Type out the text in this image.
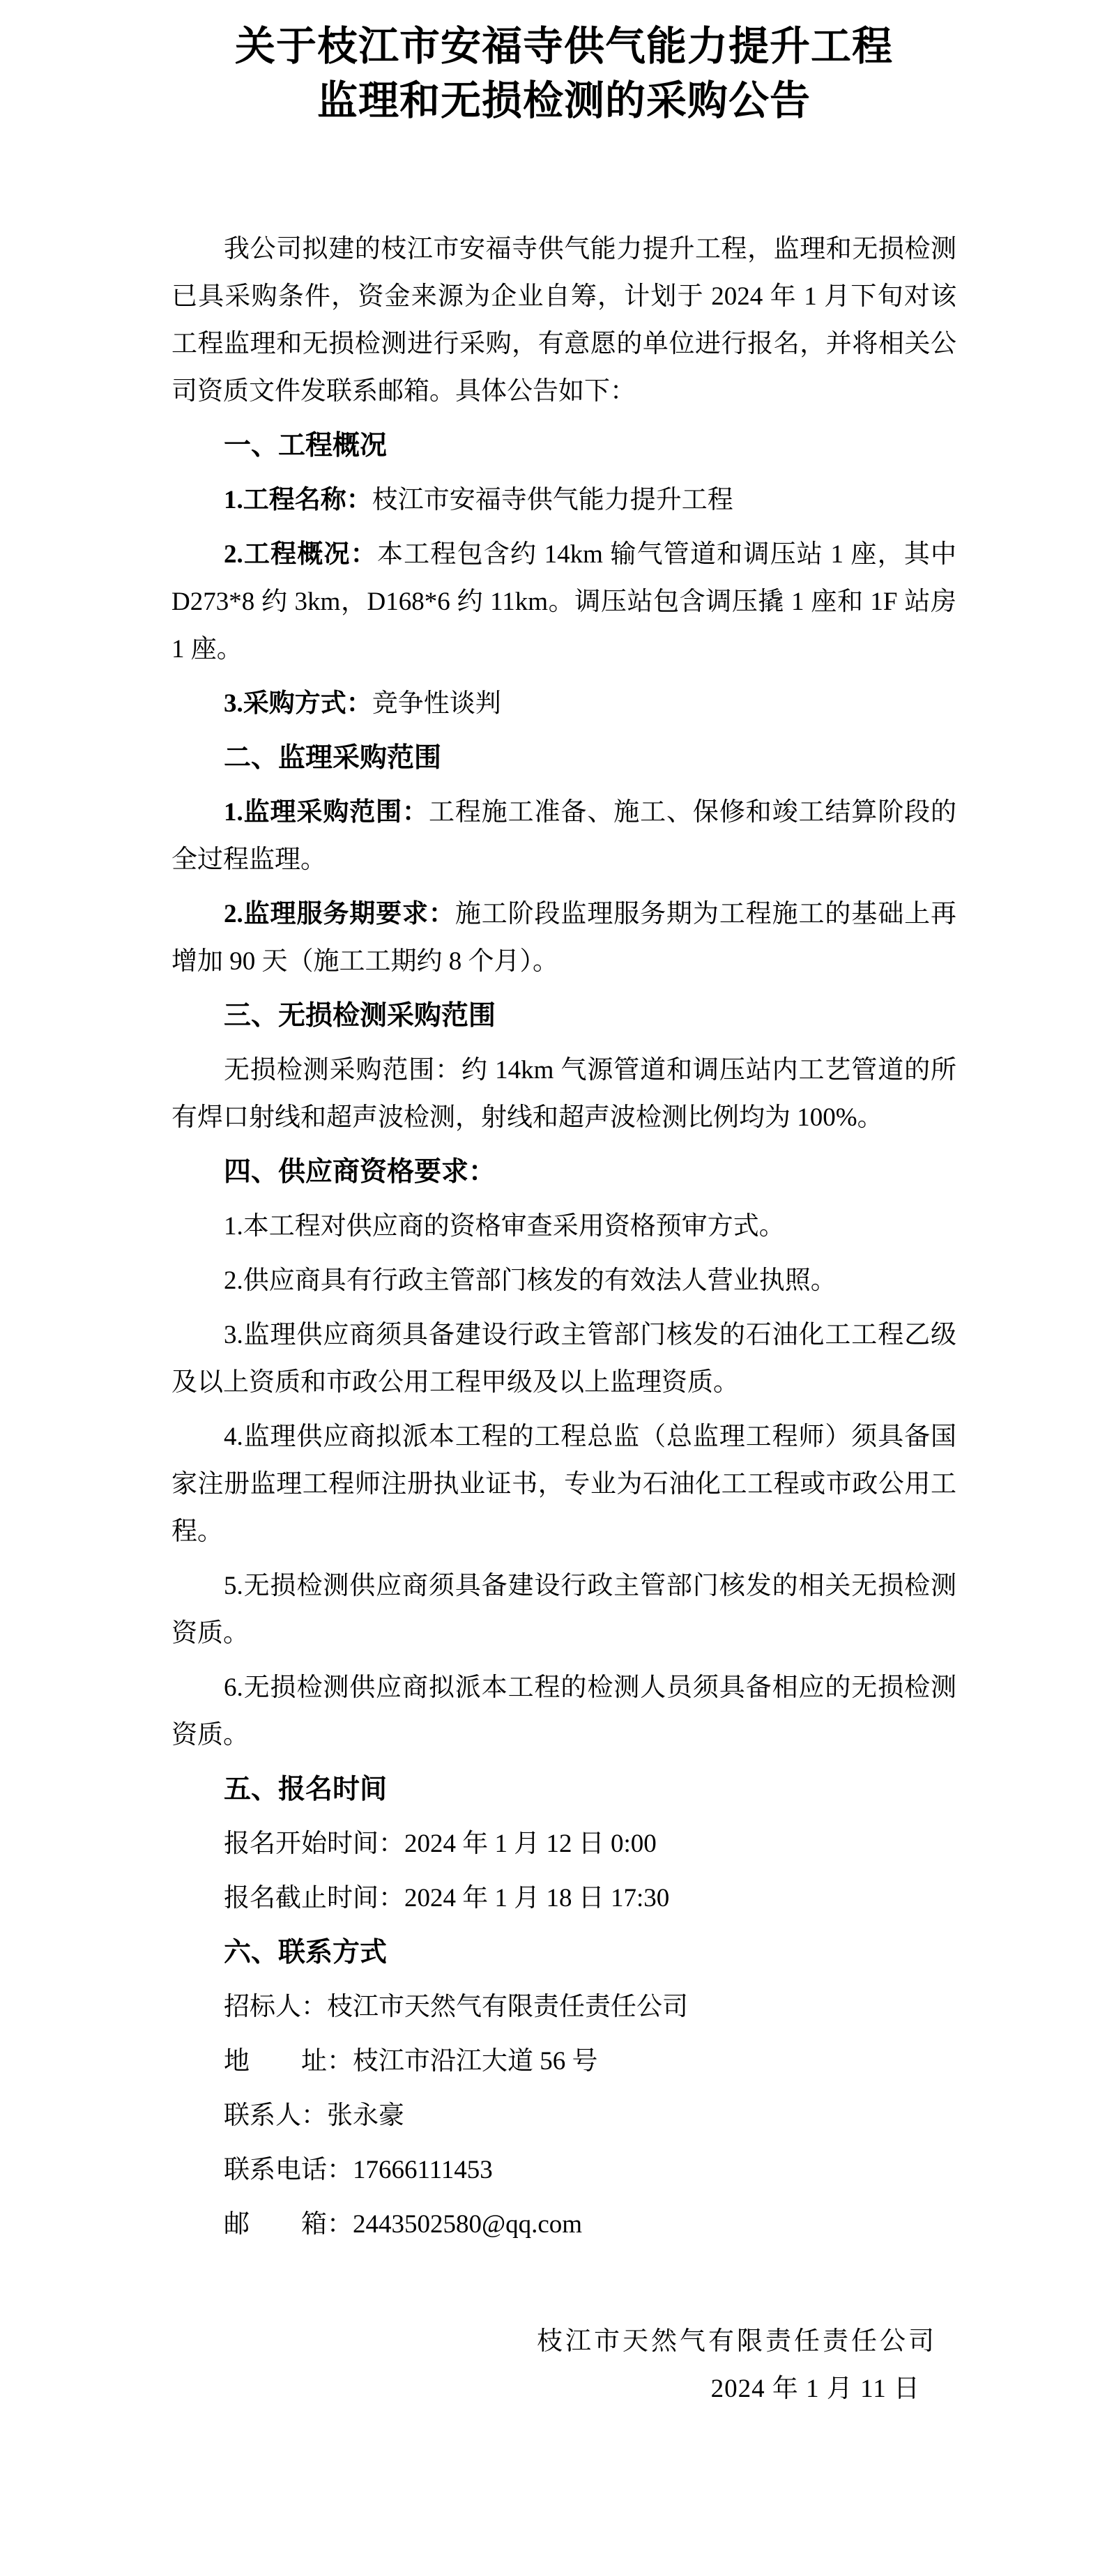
关于枝江市安福寺供气能力提升工程
监理和无损检测的采购公告

我公司拟建的枝江市安福寺供气能力提升工程，监理和无损检测已具采购条件，资金来源为企业自筹，计划于 2024 年 1 月下旬对该工程监理和无损检测进行采购，有意愿的单位进行报名，并将相关公司资质文件发联系邮箱。具体公告如下：

一、工程概况

1.工程名称：枝江市安福寺供气能力提升工程

2.工程概况：本工程包含约 14km 输气管道和调压站 1 座，其中 D273*8 约 3km，D168*6 约 11km。调压站包含调压撬 1 座和 1F 站房 1 座。

3.采购方式：竞争性谈判

二、监理采购范围

1.监理采购范围：工程施工准备、施工、保修和竣工结算阶段的全过程监理。

2.监理服务期要求：施工阶段监理服务期为工程施工的基础上再增加 90 天（施工工期约 8 个月）。

三、无损检测采购范围

无损检测采购范围：约 14km 气源管道和调压站内工艺管道的所有焊口射线和超声波检测，射线和超声波检测比例均为 100%。

四、供应商资格要求：

1.本工程对供应商的资格审查采用资格预审方式。

2.供应商具有行政主管部门核发的有效法人营业执照。

3.监理供应商须具备建设行政主管部门核发的石油化工工程乙级及以上资质和市政公用工程甲级及以上监理资质。

4.监理供应商拟派本工程的工程总监（总监理工程师）须具备国家注册监理工程师注册执业证书，专业为石油化工工程或市政公用工程。

5.无损检测供应商须具备建设行政主管部门核发的相关无损检测资质。

6.无损检测供应商拟派本工程的检测人员须具备相应的无损检测资质。

五、报名时间

报名开始时间：2024 年 1 月 12 日 0:00

报名截止时间：2024 年 1 月 18 日 17:30

六、联系方式

招标人：枝江市天然气有限责任责任公司

地　　址：枝江市沿江大道 56 号

联系人：张永豪

联系电话：17666111453

邮　　箱：2443502580@qq.com

枝江市天然气有限责任责任公司
2024 年 1 月 11 日
